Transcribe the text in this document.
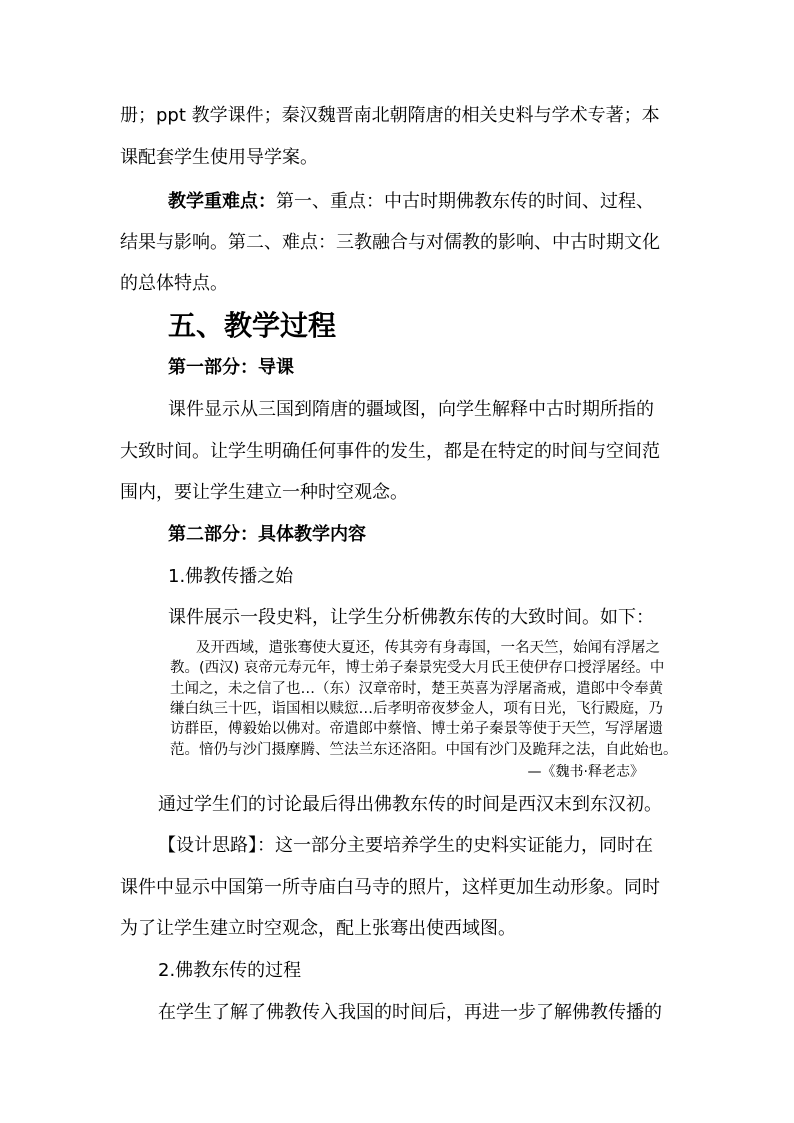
册；ppt 教学课件；秦汉魏晋南北朝隋唐的相关史料与学术专著；本
课配套学生使用导学案。
教学重难点：第一、重点：中古时期佛教东传的时间、过程、
结果与影响。第二、难点：三教融合与对儒教的影响、中古时期文化
的总体特点。
五、教学过程
第一部分：导课
课件显示从三国到隋唐的疆域图，向学生解释中古时期所指的
大致时间。让学生明确任何事件的发生，都是在特定的时间与空间范
围内，要让学生建立一种时空观念。
第二部分：具体教学内容
1.佛教传播之始
课件展示一段史料，让学生分析佛教东传的大致时间。如下：
及开西域，遣张骞使大夏还，传其旁有身毒国，一名天竺，始闻有浮屠之
教。(西汉) 哀帝元寿元年，博士弟子秦景宪受大月氏王使伊存口授浮屠经。中
土闻之，未之信了也…（东）汉章帝时，楚王英喜为浮屠斋戒，遣郎中令奉黄
缣白纨三十匹，诣国相以赎愆…后孝明帝夜梦金人，项有日光，飞行殿庭，乃
访群臣，傅毅始以佛对。帝遣郎中蔡愔、博士弟子秦景等使于天竺，写浮屠遗
范。愔仍与沙门摄摩腾、竺法兰东还洛阳。中国有沙门及跪拜之法，自此始也。
—《魏书·释老志》
通过学生们的讨论最后得出佛教东传的时间是西汉末到东汉初。
【设计思路】：这一部分主要培养学生的史料实证能力，同时在
课件中显示中国第一所寺庙白马寺的照片，这样更加生动形象。同时
为了让学生建立时空观念，配上张骞出使西域图。
2.佛教东传的过程
在学生了解了佛教传入我国的时间后，再进一步了解佛教传播的
